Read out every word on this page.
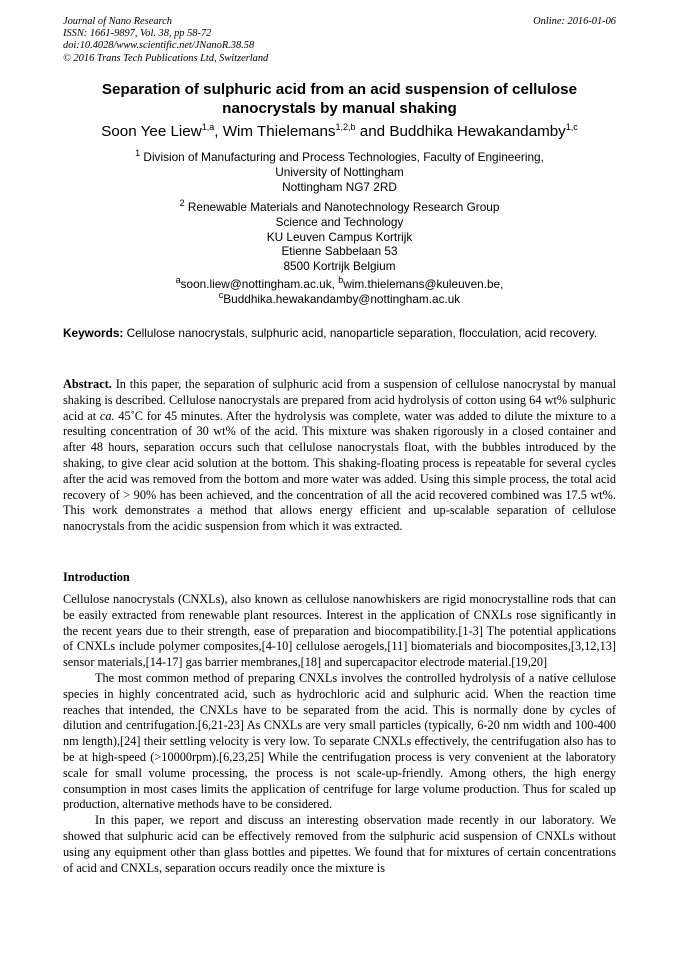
Journal of Nano Research
ISSN: 1661-9897, Vol. 38, pp 58-72
doi:10.4028/www.scientific.net/JNanoR.38.58
© 2016 Trans Tech Publications Ltd, Switzerland
Online: 2016-01-06
Separation of sulphuric acid from an acid suspension of cellulose nanocrystals by manual shaking
Soon Yee Liew$^{1,a}$, Wim Thielemans$^{1,2,b}$ and Buddhika Hewakandamby$^{1,c}$
$^1$ Division of Manufacturing and Process Technologies, Faculty of Engineering,
University of Nottingham
Nottingham NG7 2RD
$^2$ Renewable Materials and Nanotechnology Research Group
Science and Technology
KU Leuven Campus Kortrijk
Etienne Sabbelaan 53
8500 Kortrijk Belgium
$^a$soon.liew@nottingham.ac.uk, $^b$wim.thielemans@kuleuven.be,
$^c$Buddhika.hewakandamby@nottingham.ac.uk
Keywords: Cellulose nanocrystals, sulphuric acid, nanoparticle separation, flocculation, acid recovery.

Abstract. In this paper, the separation of sulphuric acid from a suspension of cellulose nanocrystal by manual shaking is described. Cellulose nanocrystals are prepared from acid hydrolysis of cotton using 64 wt% sulphuric acid at ca. 45˚C for 45 minutes. After the hydrolysis was complete, water was added to dilute the mixture to a resulting concentration of 30 wt% of the acid. This mixture was shaken rigorously in a closed container and after 48 hours, separation occurs such that cellulose nanocrystals float, with the bubbles introduced by the shaking, to give clear acid solution at the bottom. This shaking-floating process is repeatable for several cycles after the acid was removed from the bottom and more water was added. Using this simple process, the total acid recovery of > 90% has been achieved, and the concentration of all the acid recovered combined was 17.5 wt%. This work demonstrates a method that allows energy efficient and up-scalable separation of cellulose nanocrystals from the acidic suspension from which it was extracted.

Introduction

Cellulose nanocrystals (CNXLs), also known as cellulose nanowhiskers are rigid monocrystalline rods that can be easily extracted from renewable plant resources. Interest in the application of CNXLs rose significantly in the recent years due to their strength, ease of preparation and biocompatibility.[1-3] The potential applications of CNXLs include polymer composites,[4-10] cellulose aerogels,[11] biomaterials and biocomposites,[3,12,13] sensor materials,[14-17] gas barrier membranes,[18] and supercapacitor electrode material.[19,20]

The most common method of preparing CNXLs involves the controlled hydrolysis of a native cellulose species in highly concentrated acid, such as hydrochloric acid and sulphuric acid. When the reaction time reaches that intended, the CNXLs have to be separated from the acid. This is normally done by cycles of dilution and centrifugation.[6,21-23] As CNXLs are very small particles (typically, 6-20 nm width and 100-400 nm length),[24] their settling velocity is very low. To separate CNXLs effectively, the centrifugation also has to be at high-speed (>10000rpm).[6,23,25] While the centrifugation process is very convenient at the laboratory scale for small volume processing, the process is not scale-up-friendly. Among others, the high energy consumption in most cases limits the application of centrifuge for large volume production. Thus for scaled up production, alternative methods have to be considered.

In this paper, we report and discuss an interesting observation made recently in our laboratory. We showed that sulphuric acid can be effectively removed from the sulphuric acid suspension of CNXLs without using any equipment other than glass bottles and pipettes. We found that for mixtures of certain concentrations of acid and CNXLs, separation occurs readily once the mixture is
